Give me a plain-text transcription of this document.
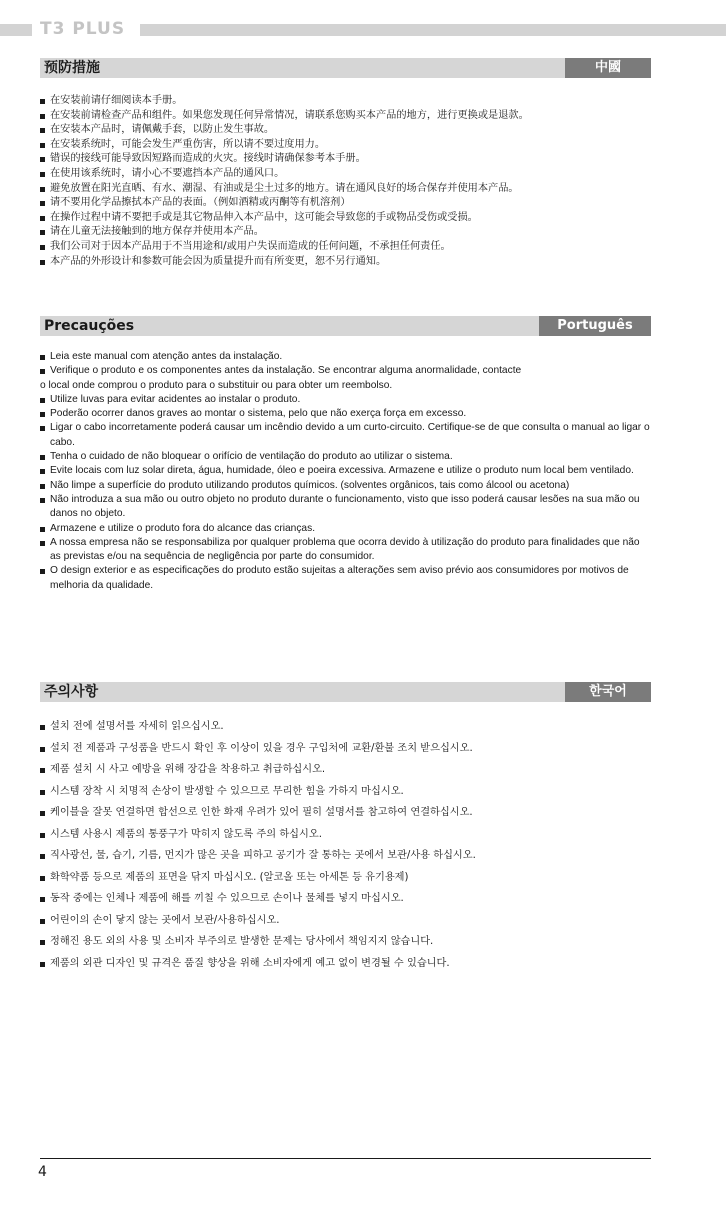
T3 PLUS
预防措施	中國
在安装前请仔细阅读本手册。
在安装前请检查产品和组件。如果您发现任何异常情况，请联系您购买本产品的地方，进行更换或是退款。
在安装本产品时，请佩戴手套，以防止发生事故。
在安装系统时，可能会发生严重伤害，所以请不要过度用力。
错误的接线可能导致因短路而造成的火灾。接线时请确保参考本手册。
在使用该系统时，请小心不要遮挡本产品的通风口。
避免放置在阳光直晒、有水、潮湿、有油或是尘土过多的地方。请在通风良好的场合保存并使用本产品。
请不要用化学品擦拭本产品的表面。（例如酒精或丙酮等有机溶剂）
在操作过程中请不要把手或是其它物品伸入本产品中，这可能会导致您的手或物品受伤或受损。
请在儿童无法接触到的地方保存并使用本产品。
我们公司对于因本产品用于不当用途和/或用户失误而造成的任何问题，不承担任何责任。
本产品的外形设计和参数可能会因为质量提升而有所变更，恕不另行通知。
Precauções	Português
Leia este manual com atenção antes da instalação.
Verifique o produto e os componentes antes da instalação. Se encontrar alguma anormalidade, contacte
o local onde comprou o produto para o substituir ou para obter um reembolso.
Utilize luvas para evitar acidentes ao instalar o produto.
Poderão ocorrer danos graves ao montar o sistema, pelo que não exerça força em excesso.
Ligar o cabo incorretamente poderá causar um incêndio devido a um curto-circuito. Certifique-se de que consulta o manual ao ligar o cabo.
Tenha o cuidado de não bloquear o orifício de ventilação do produto ao utilizar o sistema.
Evite locais com luz solar direta, água, humidade, óleo e poeira excessiva. Armazene e utilize o produto num local bem ventilado.
Não limpe a superfície do produto utilizando produtos químicos. (solventes orgânicos, tais como álcool ou acetona)
Não introduza a sua mão ou outro objeto no produto durante o funcionamento, visto que isso poderá causar lesões na sua mão ou danos no objeto.
Armazene e utilize o produto fora do alcance das crianças.
A nossa empresa não se responsabiliza por qualquer problema que ocorra devido à utilização do produto para finalidades que não as previstas e/ou na sequência de negligência por parte do consumidor.
O design exterior e as especificações do produto estão sujeitas a alterações sem aviso prévio aos consumidores por motivos de melhoria da qualidade.
주의사항	한국어
설치 전에 설명서를 자세히 읽으십시오.
설치 전 제품과 구성품을 반드시 확인 후 이상이 있을 경우 구입처에 교환/환불 조치 받으십시오.
제품 설치 시 사고 예방을 위해 장갑을 착용하고 취급하십시오.
시스템 장착 시 치명적 손상이 발생할 수 있으므로 무리한 힘을 가하지 마십시오.
케이블을 잘못 연결하면 합선으로 인한 화재 우려가 있어 필히 설명서를 참고하여 연결하십시오.
시스템 사용시 제품의 통풍구가 막히지 않도록 주의 하십시오.
직사광선, 물, 습기, 기름, 먼지가 많은 곳을 피하고 공기가 잘 통하는 곳에서 보관/사용 하십시오.
화학약품 등으로 제품의 표면을 닦지 마십시오. (알코올 또는 아세톤 등 유기용제)
동작 중에는 인체나 제품에 해를 끼칠 수 있으므로 손이나 물체를 넣지 마십시오.
어린이의 손이 닿지 않는 곳에서 보관/사용하십시오.
정해진 용도 외의 사용 및 소비자 부주의로 발생한 문제는 당사에서 책임지지 않습니다.
제품의 외관 디자인 및 규격은 품질 향상을 위해 소비자에게 예고 없이 변경될 수 있습니다.
4
